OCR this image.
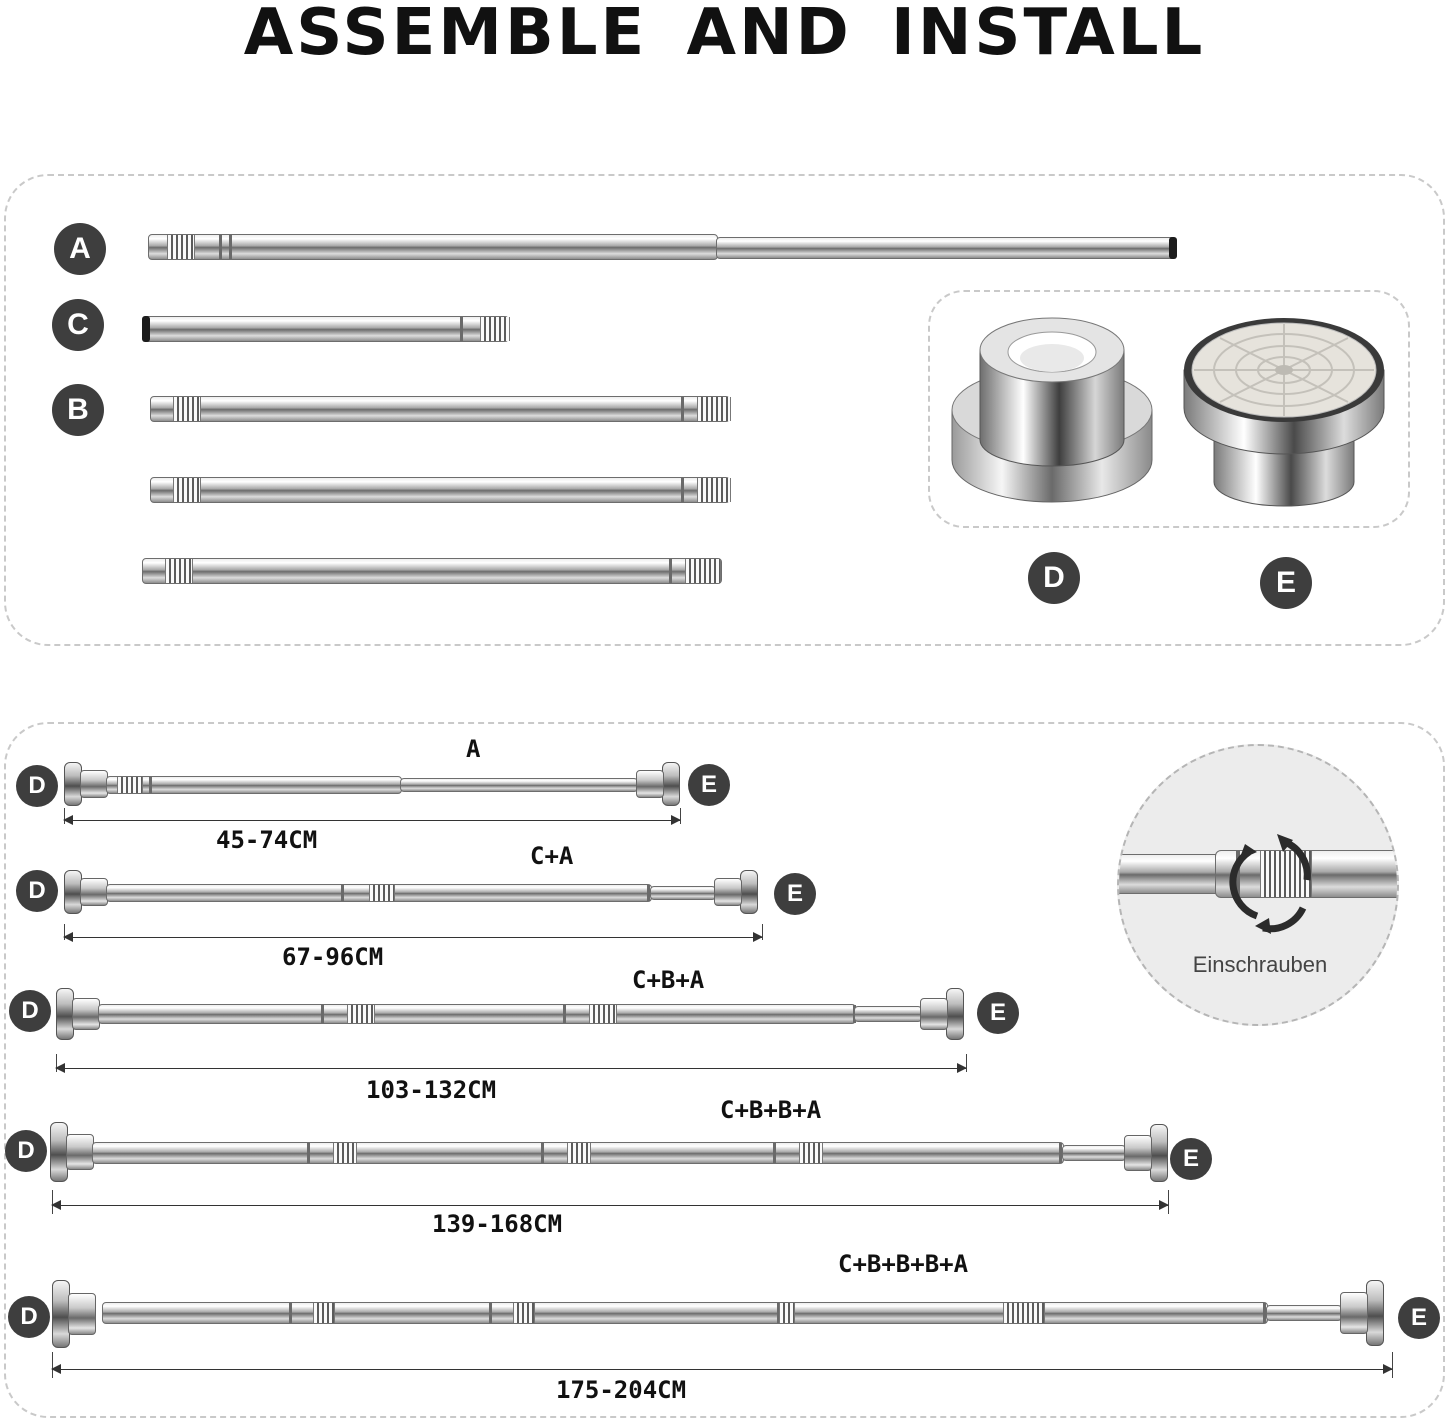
ASSEMBLE AND INSTALL
A
C
B
D	E
A
D	E
45-74CM
C+A
D	E
67-96CM
C+B+A
D	E
103-132CM
C+B+B+A
D	E
139-168CM
C+B+B+B+A
D	E
175-204CM
Einschrauben
